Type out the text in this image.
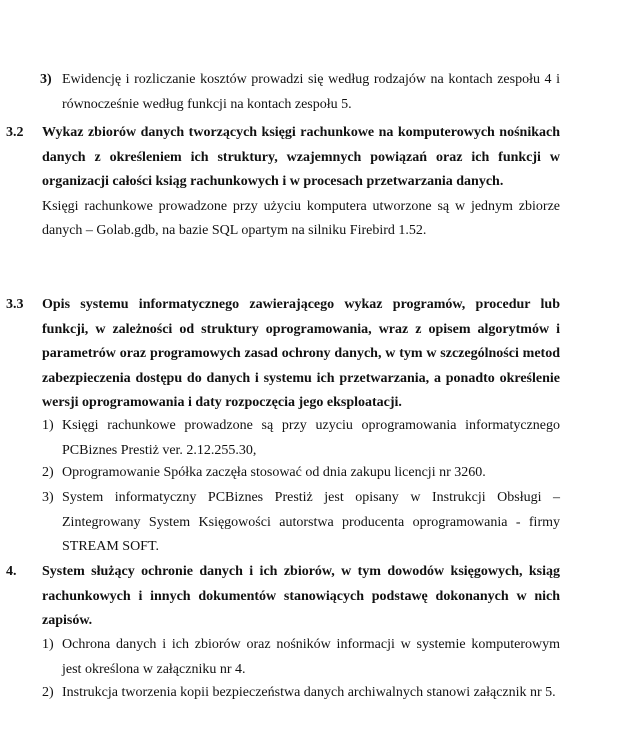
3) Ewidencję i rozliczanie kosztów prowadzi się według rodzajów na kontach zespołu 4 i równocześnie według funkcji na kontach zespołu 5.
3.2 Wykaz zbiorów danych tworzących księgi rachunkowe na komputerowych nośnikach danych z określeniem ich struktury, wzajemnych powiązań oraz ich funkcji w organizacji całości ksiąg rachunkowych i w procesach przetwarzania danych.
Księgi rachunkowe prowadzone przy użyciu komputera utworzone są w jednym zbiorze danych – Golab.gdb, na bazie SQL opartym na silniku Firebird 1.52.
3.3 Opis systemu informatycznego zawierającego wykaz programów, procedur lub funkcji, w zależności od struktury oprogramowania, wraz z opisem algorytmów i parametrów oraz programowych zasad ochrony danych, w tym w szczególności metod zabezpieczenia dostępu do danych i systemu ich przetwarzania, a ponadto określenie wersji oprogramowania i daty rozpoczęcia jego eksploatacji.
1) Księgi rachunkowe prowadzone są przy uzyciu oprogramowania informatycznego PCBiznes Prestiż ver. 2.12.255.30,
2) Oprogramowanie Spółka zaczęła stosować od dnia zakupu licencji nr 3260.
3) System informatyczny PCBiznes Prestiż jest opisany w Instrukcji Obsługi – Zintegrowany System Księgowości autorstwa producenta oprogramowania - firmy STREAM SOFT.
4. System służący ochronie danych i ich zbiorów, w tym dowodów księgowych, ksiąg rachunkowych i innych dokumentów stanowiących podstawę dokonanych w nich zapisów.
1) Ochrona danych i ich zbiorów oraz nośników informacji w systemie komputerowym jest określona w załączniku nr 4.
2) Instrukcja tworzenia kopii bezpieczeństwa danych archiwalnych stanowi załącznik nr 5.
